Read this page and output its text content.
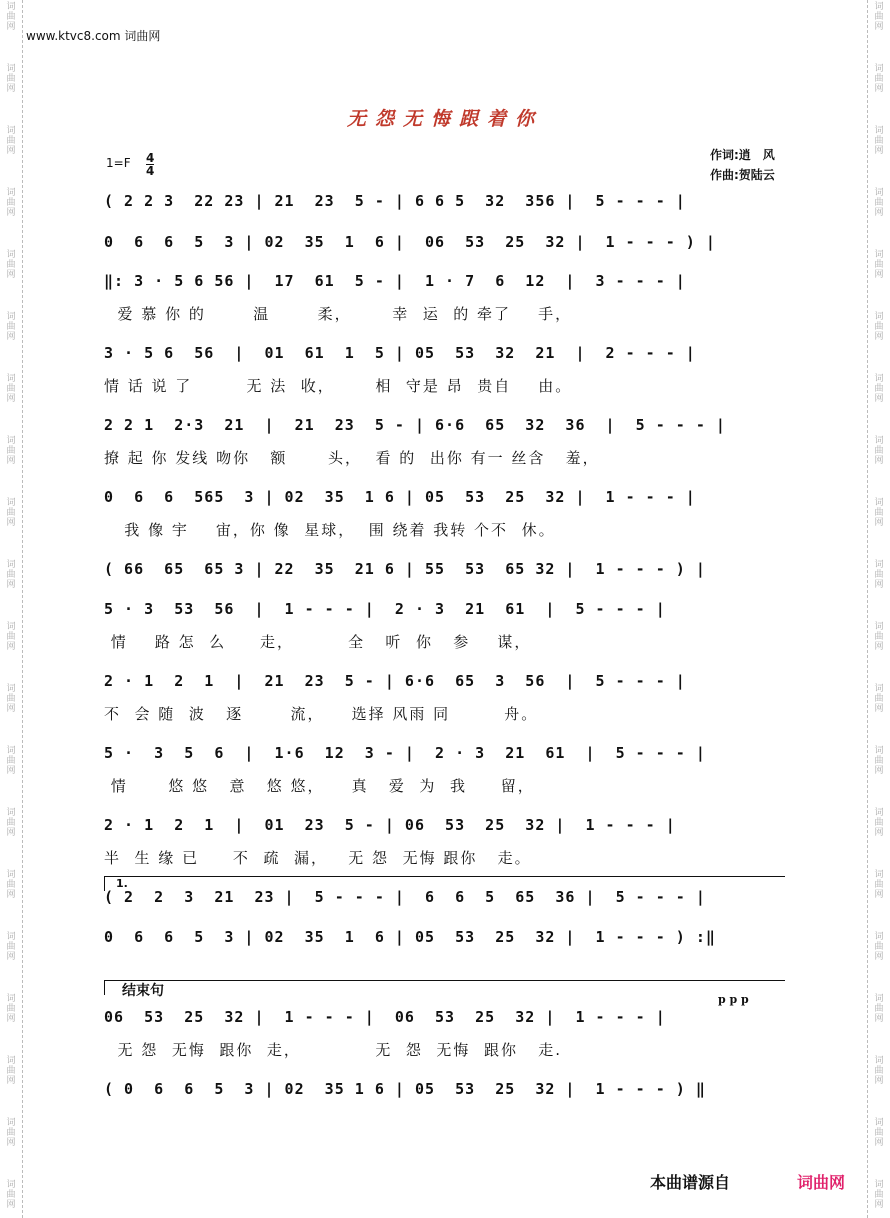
www.ktvc8.com 词曲网
无怨无悔跟着你
1=F 4
4
作词:逍　风
作曲:贺陆云
( 2 2 3  22 23 | 21  23  5 - | 6 6 5  32  356 |  5 - - - |
0  6  6  5  3 | 02  35  1  6 |  06  53  25  32 |  1 - - - ) |
‖: 3 · 5 6 56 |  17  61  5 - |  1 · 7  6  12  |  3 - - - |
爱 慕 你 的       温       柔，      幸  运  的 牵了    手，
3 · 5 6  56  |  01  61  1  5 | 05  53  32  21  |  2 - - - |
情 话 说 了        无 法  收，      相  守是 昂  贵自    由。
2 2 1  2·3  21  |  21  23  5 - | 6·6  65  32  36  |  5 - - - |
撩 起 你 发线 吻你   额      头，  看 的  出你 有一 丝含   羞，
0  6  6  565  3 | 02  35  1 6 | 05  53  25  32 |  1 - - - |
我 像 宇    宙，你 像  星球，  围 绕着 我转 个不  休。
( 66  65  65 3 | 22  35  21 6 | 55  53  65 32 |  1 - - - ) |
5 · 3  53  56  |  1 - - - |  2 · 3  21  61  |  5 - - - |
情    路 怎  么     走，        全   听  你   参    谋，
2 · 1  2  1  |  21  23  5 - | 6·6  65  3  56  |  5 - - - |
不  会 随  波   逐       流，    选择 风雨 同        舟。
5 ·  3  5  6  |  1·6  12  3 - |  2 · 3  21  61  |  5 - - - |
情      悠 悠   意   悠 悠，    真   爱  为  我     留，
2 · 1  2  1  |  01  23  5 - | 06  53  25  32 |  1 - - - |
半  生 缘 已     不  疏  漏，   无 怨  无悔 跟你   走。
1.
( 2  2  3  21  23 |  5 - - - |  6  6  5  65  36 |  5 - - - |
0  6  6  5  3 | 02  35  1  6 | 05  53  25  32 |  1 - - - ) :‖
结束句
p p p
06  53  25  32 |  1 - - - |  06  53  25  32 |  1 - - - |
无 怨  无悔  跟你  走，           无  怨  无悔  跟你   走.
( 0  6  6  5  3 | 02  35 1 6 | 05  53  25  32 |  1 - - - ) ‖
本曲谱源自	词曲网
词
曲
网
词
曲
网
词
曲
网
词
曲
网
词
曲
网
词
曲
网
词
曲
网
词
曲
网
词
曲
网
词
曲
网
词
曲
网
词
曲
网
词
曲
网
词
曲
网
词
曲
网
词
曲
网
词
曲
网
词
曲
网
词
曲
网
词
曲
网
词
曲
网
词
曲
网
词
曲
网
词
曲
网
词
曲
网
词
曲
网
词
曲
网
词
曲
网
词
曲
网
词
曲
网
词
曲
网
词
曲
网
词
曲
网
词
曲
网
词
曲
网
词
曲
网
词
曲
网
词
曲
网
词
曲
网
词
曲
网
